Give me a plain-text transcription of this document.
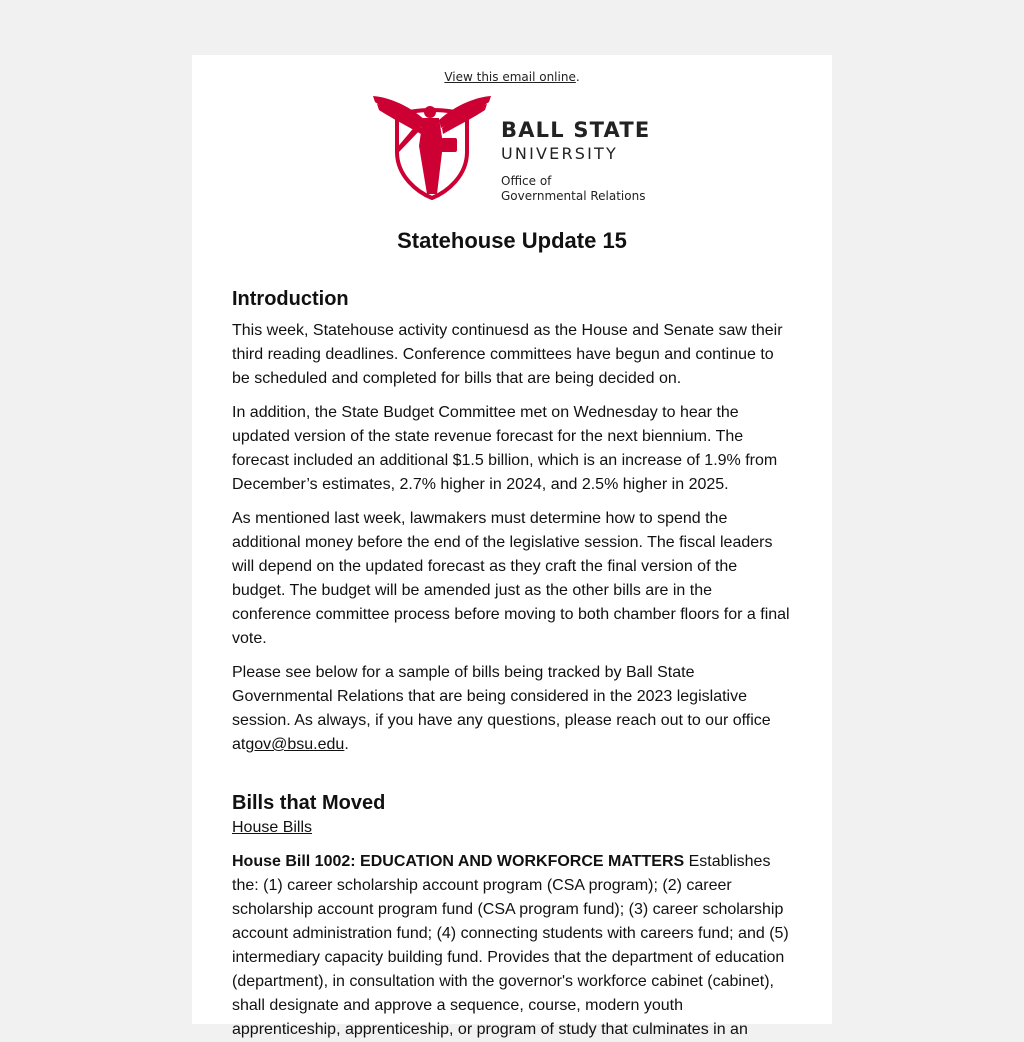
View this email online.
BALL STATE
UNIVERSITY
Office of
Governmental Relations
Statehouse Update 15
Introduction

This week, Statehouse activity continuesd as the House and Senate saw their third reading deadlines. Conference committees have begun and continue to be scheduled and completed for bills that are being decided on.

In addition, the State Budget Committee met on Wednesday to hear the updated version of the state revenue forecast for the next biennium. The forecast included an additional $1.5 billion, which is an increase of 1.9% from December’s estimates, 2.7% higher in 2024, and 2.5% higher in 2025.

As mentioned last week, lawmakers must determine how to spend the additional money before the end of the legislative session. The fiscal leaders will depend on the updated forecast as they craft the final version of the budget. The budget will be amended just as the other bills are in the conference committee process before moving to both chamber floors for a final vote.

Please see below for a sample of bills being tracked by Ball State Governmental Relations that are being considered in the 2023 legislative session. As always, if you have any questions, please reach out to our office atgov@bsu.edu.

Bills that Moved
House Bills

House Bill 1002: EDUCATION AND WORKFORCE MATTERS Establishes the: (1) career scholarship account program (CSA program); (2) career scholarship account program fund (CSA program fund); (3) career scholarship account administration fund; (4) connecting students with careers fund; and (5) intermediary capacity building fund. Provides that the department of education (department), in consultation with the governor's workforce cabinet (cabinet), shall designate and approve a sequence, course, modern youth apprenticeship, apprenticeship, or program of study that culminates in an
